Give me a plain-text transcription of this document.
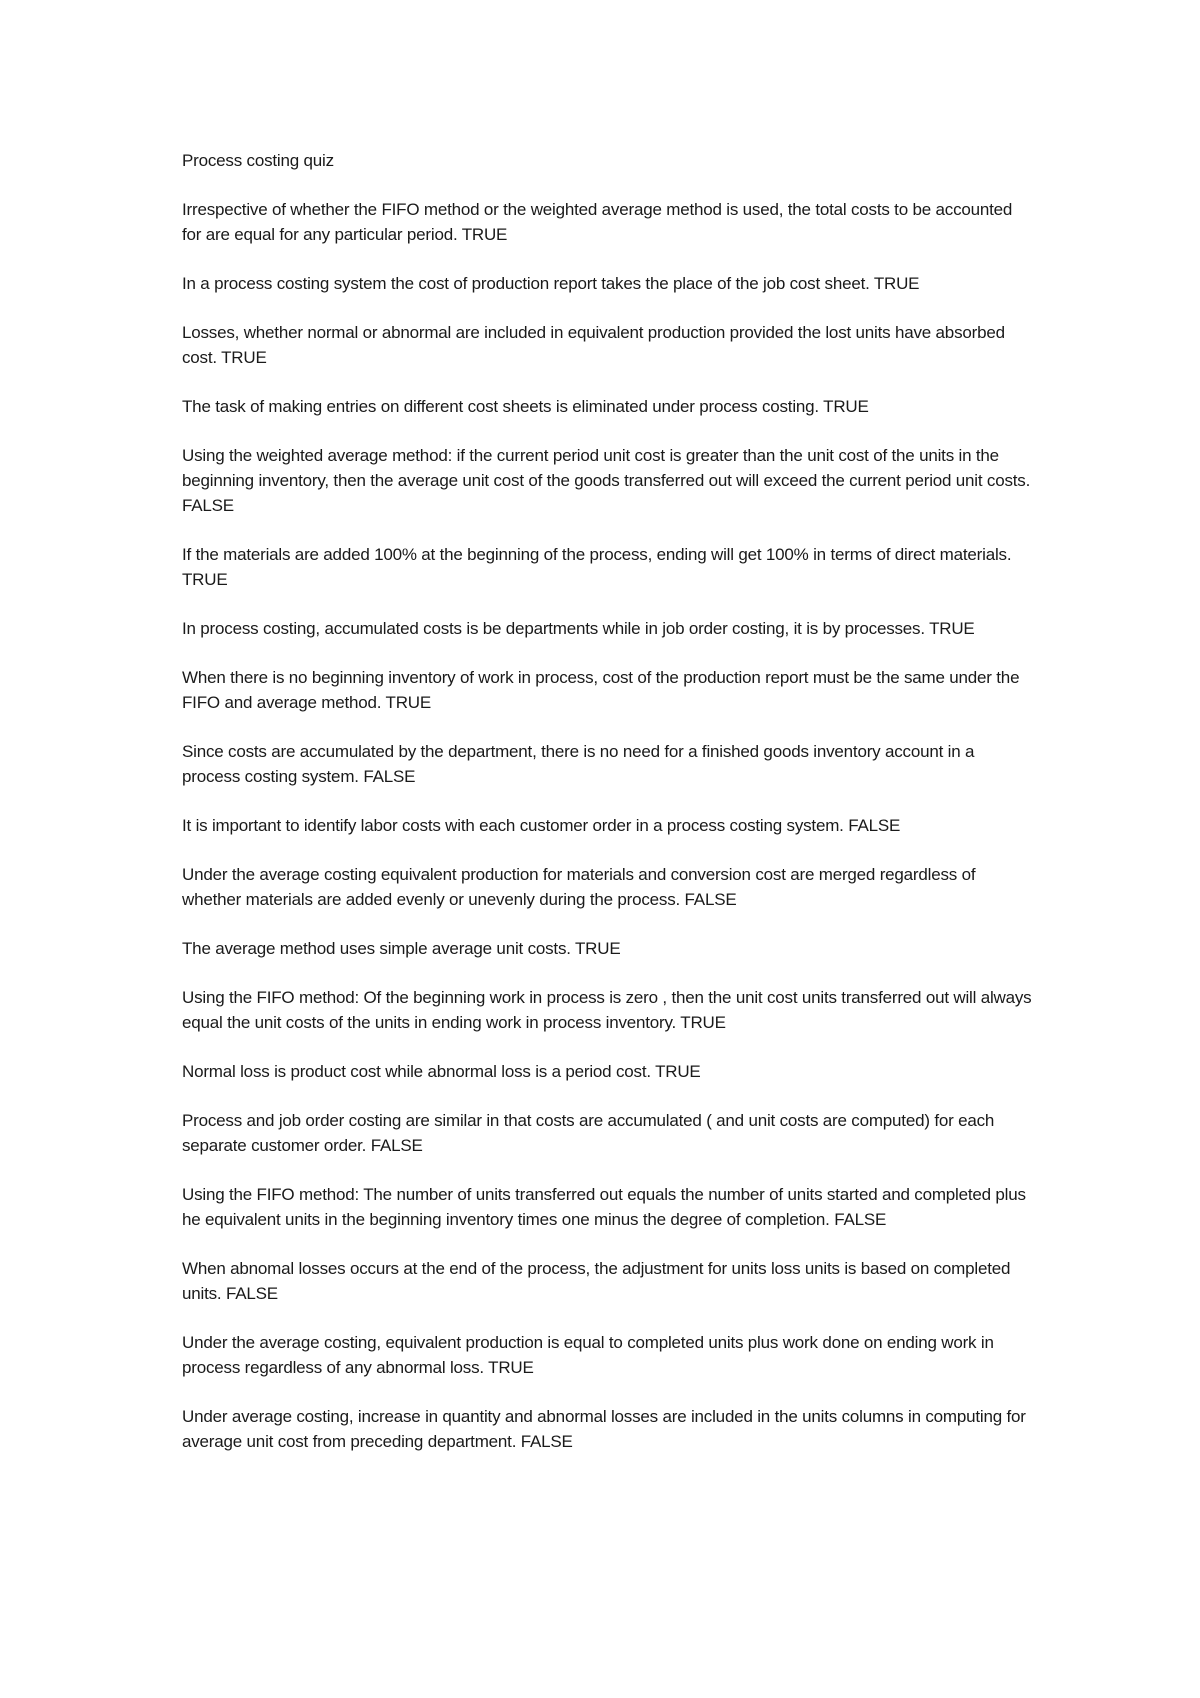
Process costing quiz

Irrespective of whether the FIFO method or the weighted average method is used, the total costs to be accounted for are equal for any particular period. TRUE

In a process costing system the cost of production report takes the place of the job cost sheet. TRUE

Losses, whether normal or abnormal are included in equivalent production provided the lost units have absorbed cost. TRUE

The task of making entries on different cost sheets is eliminated under process costing. TRUE

Using the weighted average method: if the current period unit cost is greater than the unit cost of the units in the beginning inventory, then the average unit cost of the goods transferred out will exceed the current period unit costs. FALSE

If the materials are added 100% at the beginning of the process, ending will get 100% in terms of direct materials. TRUE

In process costing, accumulated costs is be departments while in job order costing, it is by processes. TRUE

When there is no beginning inventory of work in process, cost of the production report must be the same under the FIFO and average method. TRUE

Since costs are accumulated by the department, there is no need for a finished goods inventory account in a process costing system. FALSE

It is important to identify labor costs with each customer order in a process costing system. FALSE

Under the average costing equivalent production for materials and conversion cost are merged regardless of whether materials are added evenly or unevenly during the process. FALSE

The average method uses simple average unit costs. TRUE

Using the FIFO method: Of the beginning work in process is zero , then the unit cost units transferred out will always equal the unit costs of the units in ending work in process inventory. TRUE

Normal loss is product cost while abnormal loss is a period cost. TRUE

Process and job order costing are similar in that costs are accumulated ( and unit costs are computed) for each separate customer order. FALSE

Using the FIFO method: The number of units transferred out equals the number of units started and completed plus he equivalent units in the beginning inventory times one minus the degree of completion. FALSE

When abnomal losses occurs at the end of the process, the adjustment for units loss units is based on completed units. FALSE

Under the average costing, equivalent production is equal to completed units plus work done on ending work in process regardless of any abnormal loss. TRUE

Under average costing, increase in quantity and abnormal losses are included in the units columns in computing for average unit cost from preceding department. FALSE
